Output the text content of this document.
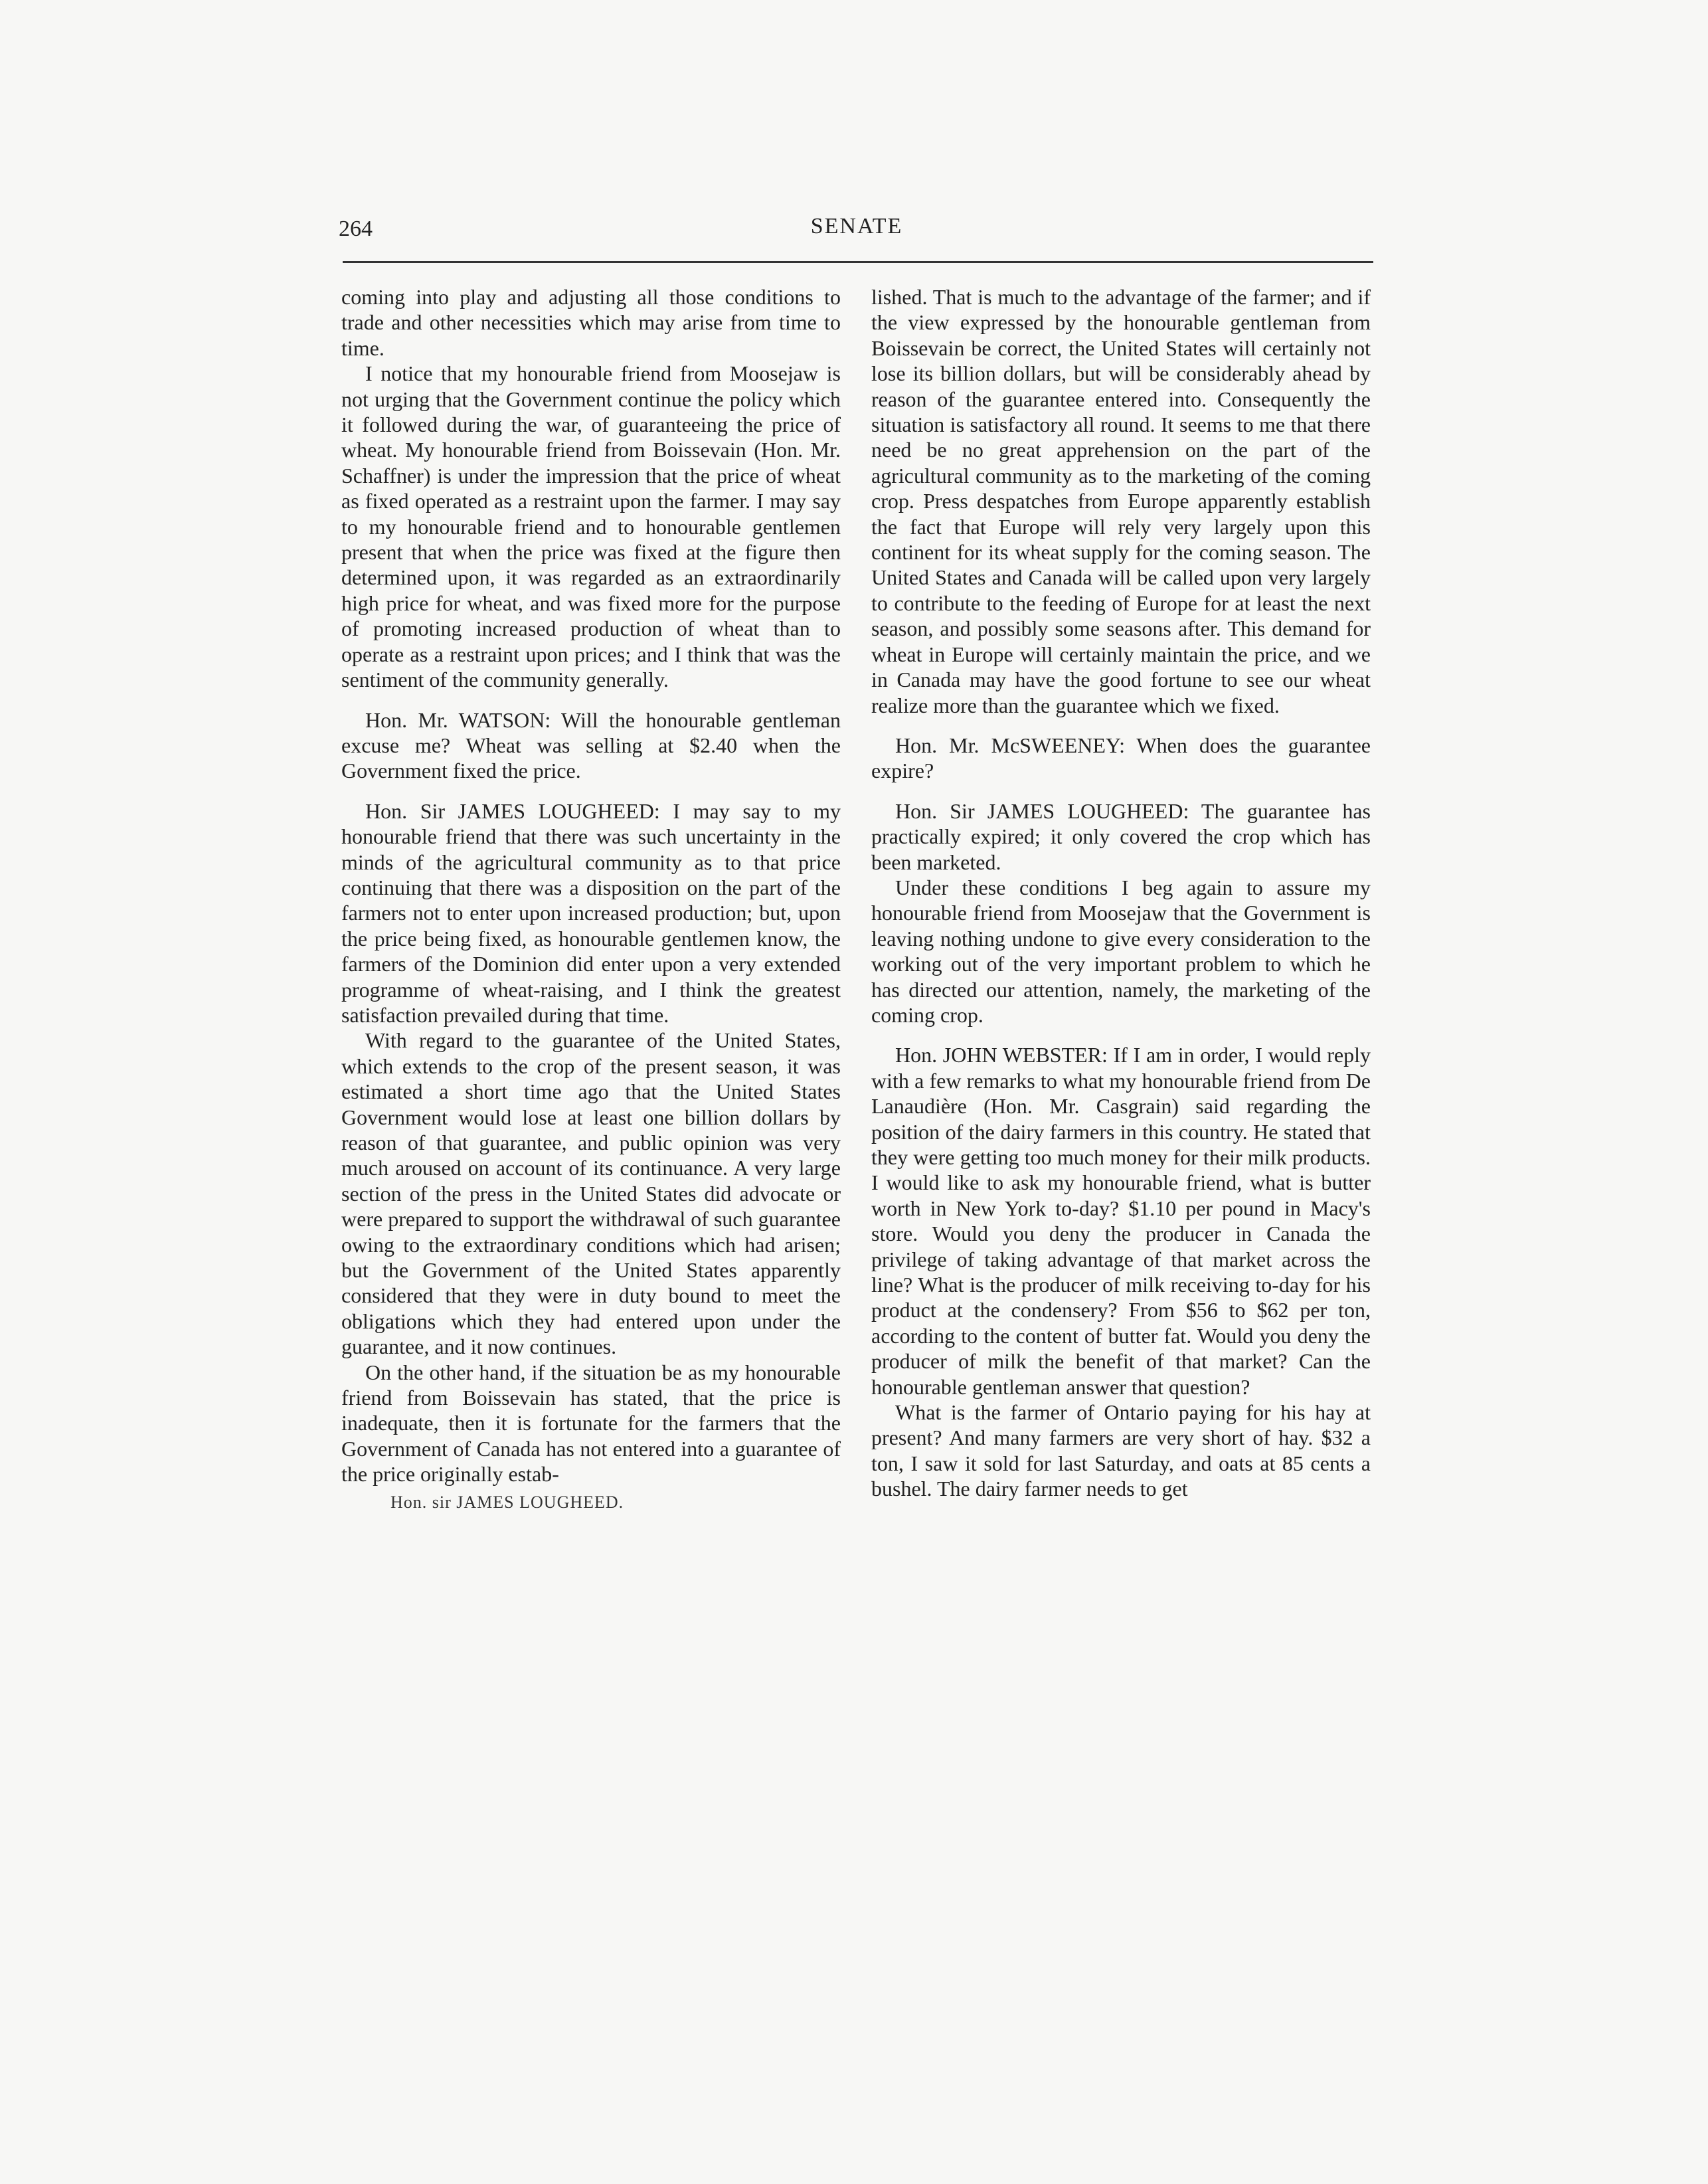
264	SENATE

coming into play and adjusting all those conditions to trade and other necessities which may arise from time to time.

I notice that my honourable friend from Moosejaw is not urging that the Government continue the policy which it followed during the war, of guaranteeing the price of wheat. My honourable friend from Boissevain (Hon. Mr. Schaffner) is under the impression that the price of wheat as fixed operated as a restraint upon the farmer. I may say to my honourable friend and to honourable gentlemen present that when the price was fixed at the figure then determined upon, it was regarded as an extraordinarily high price for wheat, and was fixed more for the purpose of promoting increased production of wheat than to operate as a restraint upon prices; and I think that was the sentiment of the community generally.

Hon. Mr. WATSON: Will the honourable gentleman excuse me? Wheat was selling at $2.40 when the Government fixed the price.

Hon. Sir JAMES LOUGHEED: I may say to my honourable friend that there was such uncertainty in the minds of the agricultural community as to that price continuing that there was a disposition on the part of the farmers not to enter upon increased production; but, upon the price being fixed, as honourable gentlemen know, the farmers of the Dominion did enter upon a very extended programme of wheat-raising, and I think the greatest satisfaction prevailed during that time.

With regard to the guarantee of the United States, which extends to the crop of the present season, it was estimated a short time ago that the United States Government would lose at least one billion dollars by reason of that guarantee, and public opinion was very much aroused on account of its continuance. A very large section of the press in the United States did advocate or were prepared to support the withdrawal of such guarantee owing to the extraordinary conditions which had arisen; but the Government of the United States apparently considered that they were in duty bound to meet the obligations which they had entered upon under the guarantee, and it now continues.

On the other hand, if the situation be as my honourable friend from Boissevain has stated, that the price is inadequate, then it is fortunate for the farmers that the Government of Canada has not entered into a guarantee of the price originally estab-

lished. That is much to the advantage of the farmer; and if the view expressed by the honourable gentleman from Boissevain be correct, the United States will certainly not lose its billion dollars, but will be considerably ahead by reason of the guarantee entered into. Consequently the situation is satisfactory all round. It seems to me that there need be no great apprehension on the part of the agricultural community as to the marketing of the coming crop. Press despatches from Europe apparently establish the fact that Europe will rely very largely upon this continent for its wheat supply for the coming season. The United States and Canada will be called upon very largely to contribute to the feeding of Europe for at least the next season, and possibly some seasons after. This demand for wheat in Europe will certainly maintain the price, and we in Canada may have the good fortune to see our wheat realize more than the guarantee which we fixed.

Hon. Mr. McSWEENEY: When does the guarantee expire?

Hon. Sir JAMES LOUGHEED: The guarantee has practically expired; it only covered the crop which has been marketed.

Under these conditions I beg again to assure my honourable friend from Moosejaw that the Government is leaving nothing undone to give every consideration to the working out of the very important problem to which he has directed our attention, namely, the marketing of the coming crop.

Hon. JOHN WEBSTER: If I am in order, I would reply with a few remarks to what my honourable friend from De Lanaudière (Hon. Mr. Casgrain) said regarding the position of the dairy farmers in this country. He stated that they were getting too much money for their milk products. I would like to ask my honourable friend, what is butter worth in New York to-day? $1.10 per pound in Macy's store. Would you deny the producer in Canada the privilege of taking advantage of that market across the line? What is the producer of milk receiving to-day for his product at the condensery? From $56 to $62 per ton, according to the content of butter fat. Would you deny the producer of milk the benefit of that market? Can the honourable gentleman answer that question?

What is the farmer of Ontario paying for his hay at present? And many farmers are very short of hay. $32 a ton, I saw it sold for last Saturday, and oats at 85 cents a bushel. The dairy farmer needs to get

Hon. sir JAMES LOUGHEED.
